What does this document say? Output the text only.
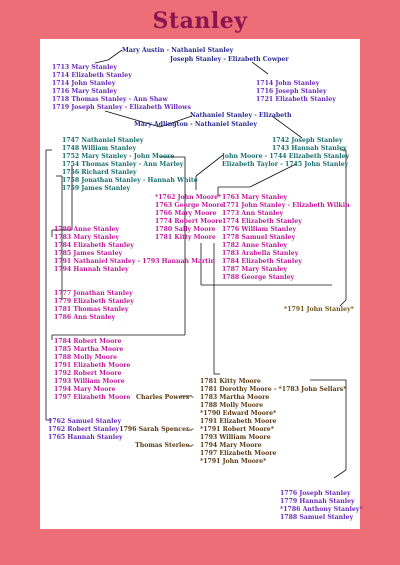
Stanley
Mary Austin - Nathaniel Stanley
Joseph Stanley - Elizabeth Cowper
1713 Mary Stanley
1714 Elizabeth Stanley
1714 John Stanley
1716 Mary Stanley
1718 Thomas Stanley - Ann Shaw
1719 Joseph Stanley - Elizabeth Willows
1714 John Stanley
1716 Joseph Stanley
1721 Elizabeth Stanley
Nathaniel Stanley - Elizabeth
Mary Adlington - Nathaniel Stanley
1747 Nathaniel Stanley
1748 William Stanley
1752 Mary Stanley - John Moore
1754 Thomas Stanley - Ann Marley
1756 Richard Stanley
1758 Jonathan Stanley - Hannah White
1759 James Stanley
1742 Joseph Stanley
1743 Hannah Stanley
John Moore - 1744 Elizabeth Stanley
Elizabeth Taylor - 1745 John Stanley
*1762 John Moore*
1763 George Moore
1766 Mary Moore
1774 Robert Moore
1780 Sally Moore
1781 Kitty Moore
1763 Mary Stanley
1771 John Stanley - Elizabeth Wilkin
1773 Ann Stanley
1774 Elizabeth Stanley
1776 William Stanley
1778 Samuel Stanley
1782 Anne Stanley
1783 Arabella Stanley
1784 Elizabeth Stanley
1787 Mary Stanley
1788 George Stanley
1780 Anne Stanley
1783 Mary Stanley
1784 Elizabeth Stanley
1785 James Stanley
1791 Nathaniel Stanley - 1793 Hannah Martin
1794 Hannah Stanley
1777 Jonathan Stanley
1779 Elizabeth Stanley
1781 Thomas Stanley
1786 Ann Stanley
*1791 John Stanley*
1784 Robert Moore
1785 Martha Moore
1788 Molly Moore
1791 Elizabeth Moore
1792 Robert Moore
1793 William Moore
1794 Mary Moore
1797 Elizabeth Moore
1781 Kitty Moore
1781 Dorothy Moore - *1783 John Sellars*
1783 Martha Moore
1788 Molly Moore
*1790 Edward Moore*
1791 Elizabeth Moore
*1791 Robert Moore*
1793 William Moore
1794 Mary Moore
1797 Elizabeth Moore
*1791 John Moore*
Charles Powers -
1796 Sarah Spencer -
Thomas Sterlee -
1762 Samuel Stanley
1762 Robert Stanley
1765 Hannah Stanley
1776 Joseph Stanley
1779 Hannah Stanley
*1786 Anthony Stanley*
1788 Samuel Stanley
